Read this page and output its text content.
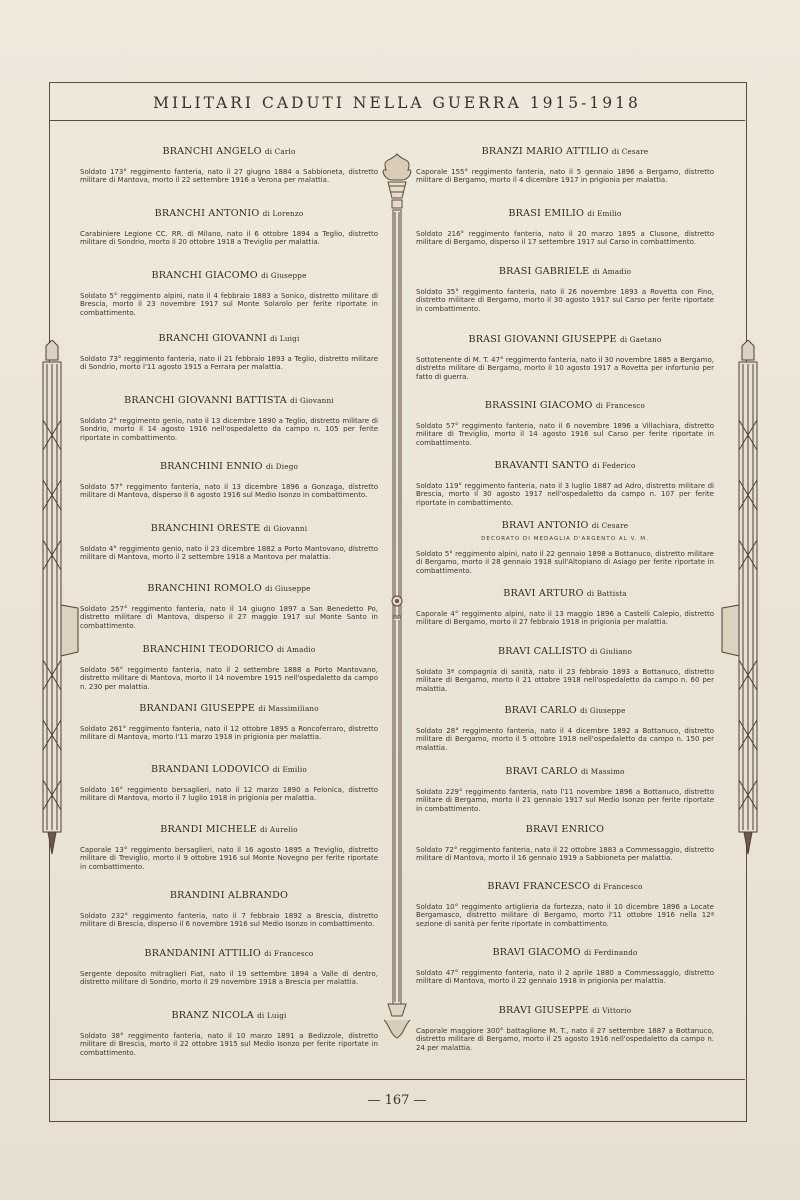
MILITARI CADUTI NELLA GUERRA 1915-1918
BRANCHI ANGELO di Carlo
Soldato 173° reggimento fanteria, nato il 27 giugno 1884 a Sabbioneta, distretto militare di Mantova, morto il 22 settembre 1916 a Verona per malattia.
BRANCHI ANTONIO di Lorenzo
Carabiniere Legione CC. RR. di Milano, nato il 6 ottobre 1894 a Teglio, distretto militare di Sondrio, morto il 20 ottobre 1918 a Treviglio per malattia.
BRANCHI GIACOMO di Giuseppe
Soldato 5° reggimento alpini, nato il 4 febbraio 1883 a Sonico, distretto militare di Brescia, morto il 23 novembre 1917 sul Monte Solarolo per ferite riportate in combattimento.
BRANCHI GIOVANNI di Luigi
Soldato 73° reggimento fanteria, nato il 21 febbraio 1893 a Teglio, distretto militare di Sondrio, morto l'11 agosto 1915 a Ferrara per malattia.
BRANCHI GIOVANNI BATTISTA di Giovanni
Soldato 2° reggimento genio, nato il 13 dicembre 1890 a Teglio, distretto militare di Sondrio, morto il 14 agosto 1916 nell'ospedaletto da campo n. 105 per ferite riportate in combattimento.
BRANCHINI ENNIO di Diego
Soldato 57° reggimento fanteria, nato il 13 dicembre 1896 a Gonzaga, distretto militare di Mantova, disperso il 6 agosto 1916 sul Medio Isonzo in combattimento.
BRANCHINI ORESTE di Giovanni
Soldato 4° reggimento genio, nato il 23 dicembre 1882 a Porto Mantovano, distretto militare di Mantova, morto il 2 settembre 1918 a Mantova per malattia.
BRANCHINI ROMOLO di Giuseppe
Soldato 257° reggimento fanteria, nato il 14 giugno 1897 a San Benedetto Po, distretto militare di Mantova, disperso il 27 maggio 1917 sul Monte Santo in combattimento.
BRANCHINI TEODORICO di Amadio
Soldato 56° reggimento fanteria, nato il 2 settembre 1888 a Porto Mantovano, distretto militare di Mantova, morto il 14 novembre 1915 nell'ospedaletto da campo n. 230 per malattia.
BRANDANI GIUSEPPE di Massimiliano
Soldato 261° reggimento fanteria, nato il 12 ottobre 1895 a Roncoferraro, distretto militare di Mantova, morto l'11 marzo 1918 in prigionia per malattia.
BRANDANI LODOVICO di Emilio
Soldato 16° reggimento bersaglieri, nato il 12 marzo 1890 a Felonica, distretto militare di Mantova, morto il 7 luglio 1918 in prigionia per malattia.
BRANDI MICHELE di Aurelio
Caporale 13° reggimento bersaglieri, nato il 16 agosto 1895 a Treviglio, distretto militare di Treviglio, morto il 9 ottobre 1916 sul Monte Novegno per ferite riportate in combattimento.
BRANDINI ALBRANDO
Soldato 232° reggimento fanteria, nato il 7 febbraio 1892 a Brescia, distretto militare di Brescia, disperso il 6 novembre 1916 sul Medio Isonzo in combattimento.
BRANDANINI ATTILIO di Francesco
Sergente deposito mitraglieri Fiat, nato il 19 settembre 1894 a Valle di dentro, distretto militare di Sondrio, morto il 29 novembre 1918 a Brescia per malattia.
BRANZ NICOLA di Luigi
Soldato 38° reggimento fanteria, nato il 10 marzo 1891 a Bedizzole, distretto militare di Brescia, morto il 22 ottobre 1915 sul Medio Isonzo per ferite riportate in combattimento.
BRANZI MARIO ATTILIO di Cesare
Caporale 155° reggimento fanteria, nato il 5 gennaio 1896 a Bergamo, distretto militare di Bergamo, morto il 4 dicembre 1917 in prigionia per malattia.
BRASI EMILIO di Emilio
Soldato 216° reggimento fanteria, nato il 20 marzo 1895 a Clusone, distretto militare di Bergamo, disperso il 17 settembre 1917 sul Carso in combattimento.
BRASI GABRIELE di Amadio
Soldato 35° reggimento fanteria, nato il 26 novembre 1893 a Rovetta con Fino, distretto militare di Bergamo, morto il 30 agosto 1917 sul Carso per ferite riportate in combattimento.
BRASI GIOVANNI GIUSEPPE di Gaetano
Sottotenente di M. T. 47° reggimento fanteria, nato il 30 novembre 1885 a Bergamo, distretto militare di Bergamo, morto il 10 agosto 1917 a Rovetta per infortunio per fatto di guerra.
BRASSINI GIACOMO di Francesco
Soldato 57° reggimento fanteria, nato il 6 novembre 1896 a Villachiara, distretto militare di Treviglio, morto il 14 agosto 1916 sul Carso per ferite riportate in combattimento.
BRAVANTI SANTO di Federico
Soldato 119° reggimento fanteria, nato il 3 luglio 1887 ad Adro, distretto militare di Brescia, morto il 30 agosto 1917 nell'ospedaletto da campo n. 107 per ferite riportate in combattimento.
BRAVI ANTONIO di Cesare
DECORATO DI MEDAGLIA D'ARGENTO AL V. M.
Soldato 5° reggimento alpini, nato il 22 gennaio 1898 a Bottanuco, distretto militare di Bergamo, morto il 28 gennaio 1918 sull'Altopiano di Asiago per ferite riportate in combattimento.
BRAVI ARTURO di Battista
Caporale 4° reggimento alpini, nato il 13 maggio 1896 a Castelli Calepio, distretto militare di Bergamo, morto il 27 febbraio 1918 in prigionia per malattia.
BRAVI CALLISTO di Giuliano
Soldato 3ª compagnia di sanità, nato il 23 febbraio 1893 a Bottanuco, distretto militare di Bergamo, morto il 21 ottobre 1918 nell'ospedaletto da campo n. 60 per malattia.
BRAVI CARLO di Giuseppe
Soldato 28° reggimento fanteria, nato il 4 dicembre 1892 a Bottanuco, distretto militare di Bergamo, morto il 5 ottobre 1918 nell'ospedaletto da campo n. 150 per malattia.
BRAVI CARLO di Massimo
Soldato 229° reggimento fanteria, nato l'11 novembre 1896 a Bottanuco, distretto militare di Bergamo, morto il 21 gennaio 1917 sul Medio Isonzo per ferite riportate in combattimento.
BRAVI ENRICO
Soldato 72° reggimento fanteria, nato il 22 ottobre 1883 a Commessaggio, distretto militare di Mantova, morto il 16 gennaio 1919 a Sabbioneta per malattia.
BRAVI FRANCESCO di Francesco
Soldato 10° reggimento artiglieria da fortezza, nato il 10 dicembre 1896 a Locate Bergamasco, distretto militare di Bergamo, morto l'11 ottobre 1916 nella 12ª sezione di sanità per ferite riportate in combattimento.
BRAVI GIACOMO di Ferdinando
Soldato 47° reggimento fanteria, nato il 2 aprile 1880 a Commessaggio, distretto militare di Mantova, morto il 22 gennaio 1918 in prigionia per malattia.
BRAVI GIUSEPPE di Vittorio
Caporale maggiore 300° battaglione M. T., nato il 27 settembre 1887 a Bottanuco, distretto militare di Bergamo, morto il 25 agosto 1916 nell'ospedaletto da campo n. 24 per malattia.
— 167 —
